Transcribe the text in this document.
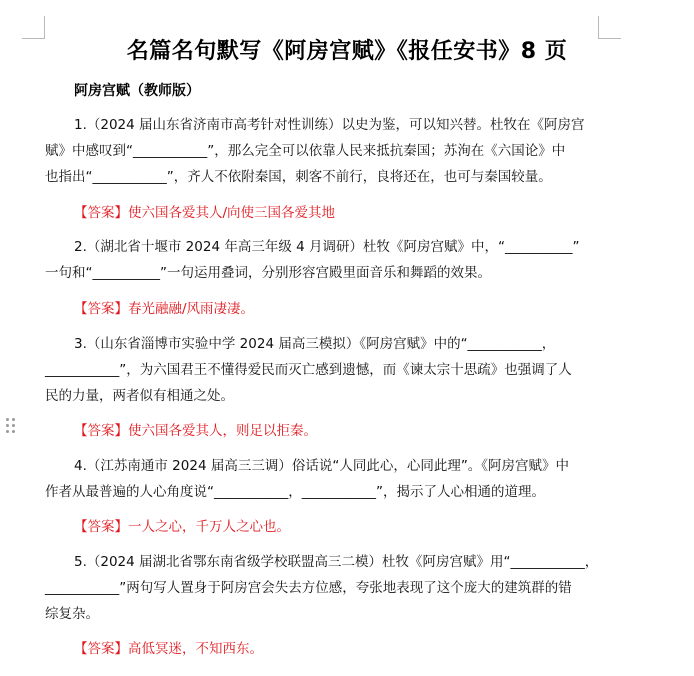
名篇名句默写《阿房宫赋》《报任安书》8 页
阿房宫赋（教师版）
1.（2024 届山东省济南市高考针对性训练）以史为鉴，可以知兴替。杜牧在《阿房宫
赋》中感叹到“___________”，那么完全可以依靠人民来抵抗秦国；苏洵在《六国论》中
也指出“___________”，齐人不依附秦国，刺客不前行，良将还在，也可与秦国较量。
【答案】使六国各爱其人/向使三国各爱其地
2.（湖北省十堰市 2024 年高三年级 4 月调研）杜牧《阿房宫赋》中，“__________”
一句和“__________”一句运用叠词，分别形容宫殿里面音乐和舞蹈的效果。
【答案】春光融融/风雨凄凄。
3.（山东省淄博市实验中学 2024 届高三模拟）《阿房宫赋》中的“___________，
___________”，为六国君王不懂得爱民而灭亡感到遗憾，而《谏太宗十思疏》也强调了人
民的力量，两者似有相通之处。
【答案】使六国各爱其人，则足以拒秦。
4.（江苏南通市 2024 届高三三调）俗话说“人同此心，心同此理”。《阿房宫赋》中
作者从最普遍的人心角度说“___________，___________”，揭示了人心相通的道理。
【答案】一人之心，千万人之心也。
5.（2024 届湖北省鄂东南省级学校联盟高三二模）杜牧《阿房宫赋》用“___________，
___________”两句写人置身于阿房宫会失去方位感，夸张地表现了这个庞大的建筑群的错
综复杂。
【答案】高低冥迷，不知西东。
